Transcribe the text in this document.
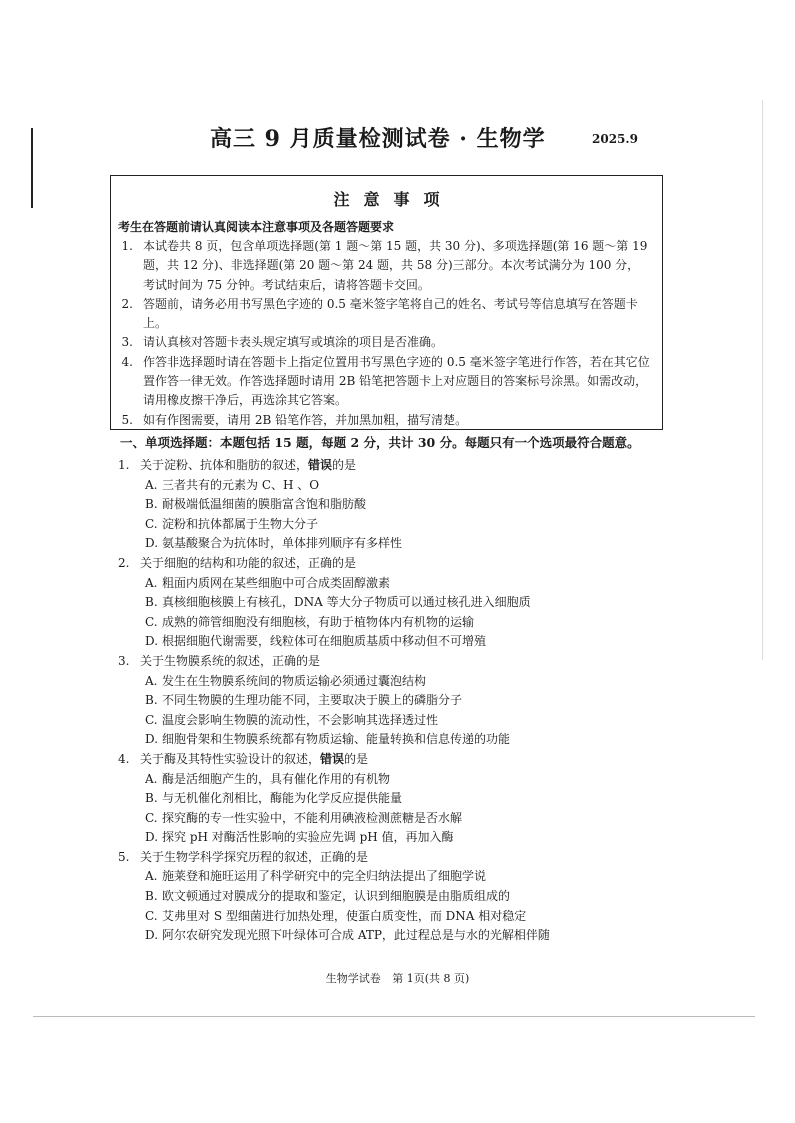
高三 9 月质量检测试卷 · 生物学	2025.9
注意事项
考生在答题前请认真阅读本注意事项及各题答题要求
1. 本试卷共 8 页，包含单项选择题(第 1 题～第 15 题，共 30 分)、多项选择题(第 16 题～第 19 题，共 12 分)、非选择题(第 20 题～第 24 题，共 58 分)三部分。本次考试满分为 100 分，考试时间为 75 分钟。考试结束后，请将答题卡交回。
2. 答题前，请务必用书写黑色字迹的 0.5 毫米签字笔将自己的姓名、考试号等信息填写在答题卡上。
3. 请认真核对答题卡表头规定填写或填涂的项目是否准确。
4. 作答非选择题时请在答题卡上指定位置用书写黑色字迹的 0.5 毫米签字笔进行作答，若在其它位置作答一律无效。作答选择题时请用 2B 铅笔把答题卡上对应题目的答案标号涂黑。如需改动，请用橡皮擦干净后，再选涂其它答案。
5. 如有作图需要，请用 2B 铅笔作答，并加黑加粗，描写清楚。
一、单项选择题：本题包括 15 题，每题 2 分，共计 30 分。每题只有一个选项最符合题意。
1. 关于淀粉、抗体和脂肪的叙述，错误的是
A. 三者共有的元素为 C、H 、O
B. 耐极端低温细菌的膜脂富含饱和脂肪酸
C. 淀粉和抗体都属于生物大分子
D. 氨基酸聚合为抗体时，单体排列顺序有多样性
2. 关于细胞的结构和功能的叙述，正确的是
A. 粗面内质网在某些细胞中可合成类固醇激素
B. 真核细胞核膜上有核孔，DNA 等大分子物质可以通过核孔进入细胞质
C. 成熟的筛管细胞没有细胞核，有助于植物体内有机物的运输
D. 根据细胞代谢需要，线粒体可在细胞质基质中移动但不可增殖
3. 关于生物膜系统的叙述，正确的是
A. 发生在生物膜系统间的物质运输必须通过囊泡结构
B. 不同生物膜的生理功能不同，主要取决于膜上的磷脂分子
C. 温度会影响生物膜的流动性，不会影响其选择透过性
D. 细胞骨架和生物膜系统都有物质运输、能量转换和信息传递的功能
4. 关于酶及其特性实验设计的叙述，错误的是
A. 酶是活细胞产生的，具有催化作用的有机物
B. 与无机催化剂相比，酶能为化学反应提供能量
C. 探究酶的专一性实验中，不能利用碘液检测蔗糖是否水解
D. 探究 pH 对酶活性影响的实验应先调 pH 值，再加入酶
5. 关于生物学科学探究历程的叙述，正确的是
A. 施莱登和施旺运用了科学研究中的完全归纳法提出了细胞学说
B. 欧文顿通过对膜成分的提取和鉴定，认识到细胞膜是由脂质组成的
C. 艾弗里对 S 型细菌进行加热处理，使蛋白质变性，而 DNA 相对稳定
D. 阿尔农研究发现光照下叶绿体可合成 ATP，此过程总是与水的光解相伴随
生物学试卷 第 1页(共 8 页)
